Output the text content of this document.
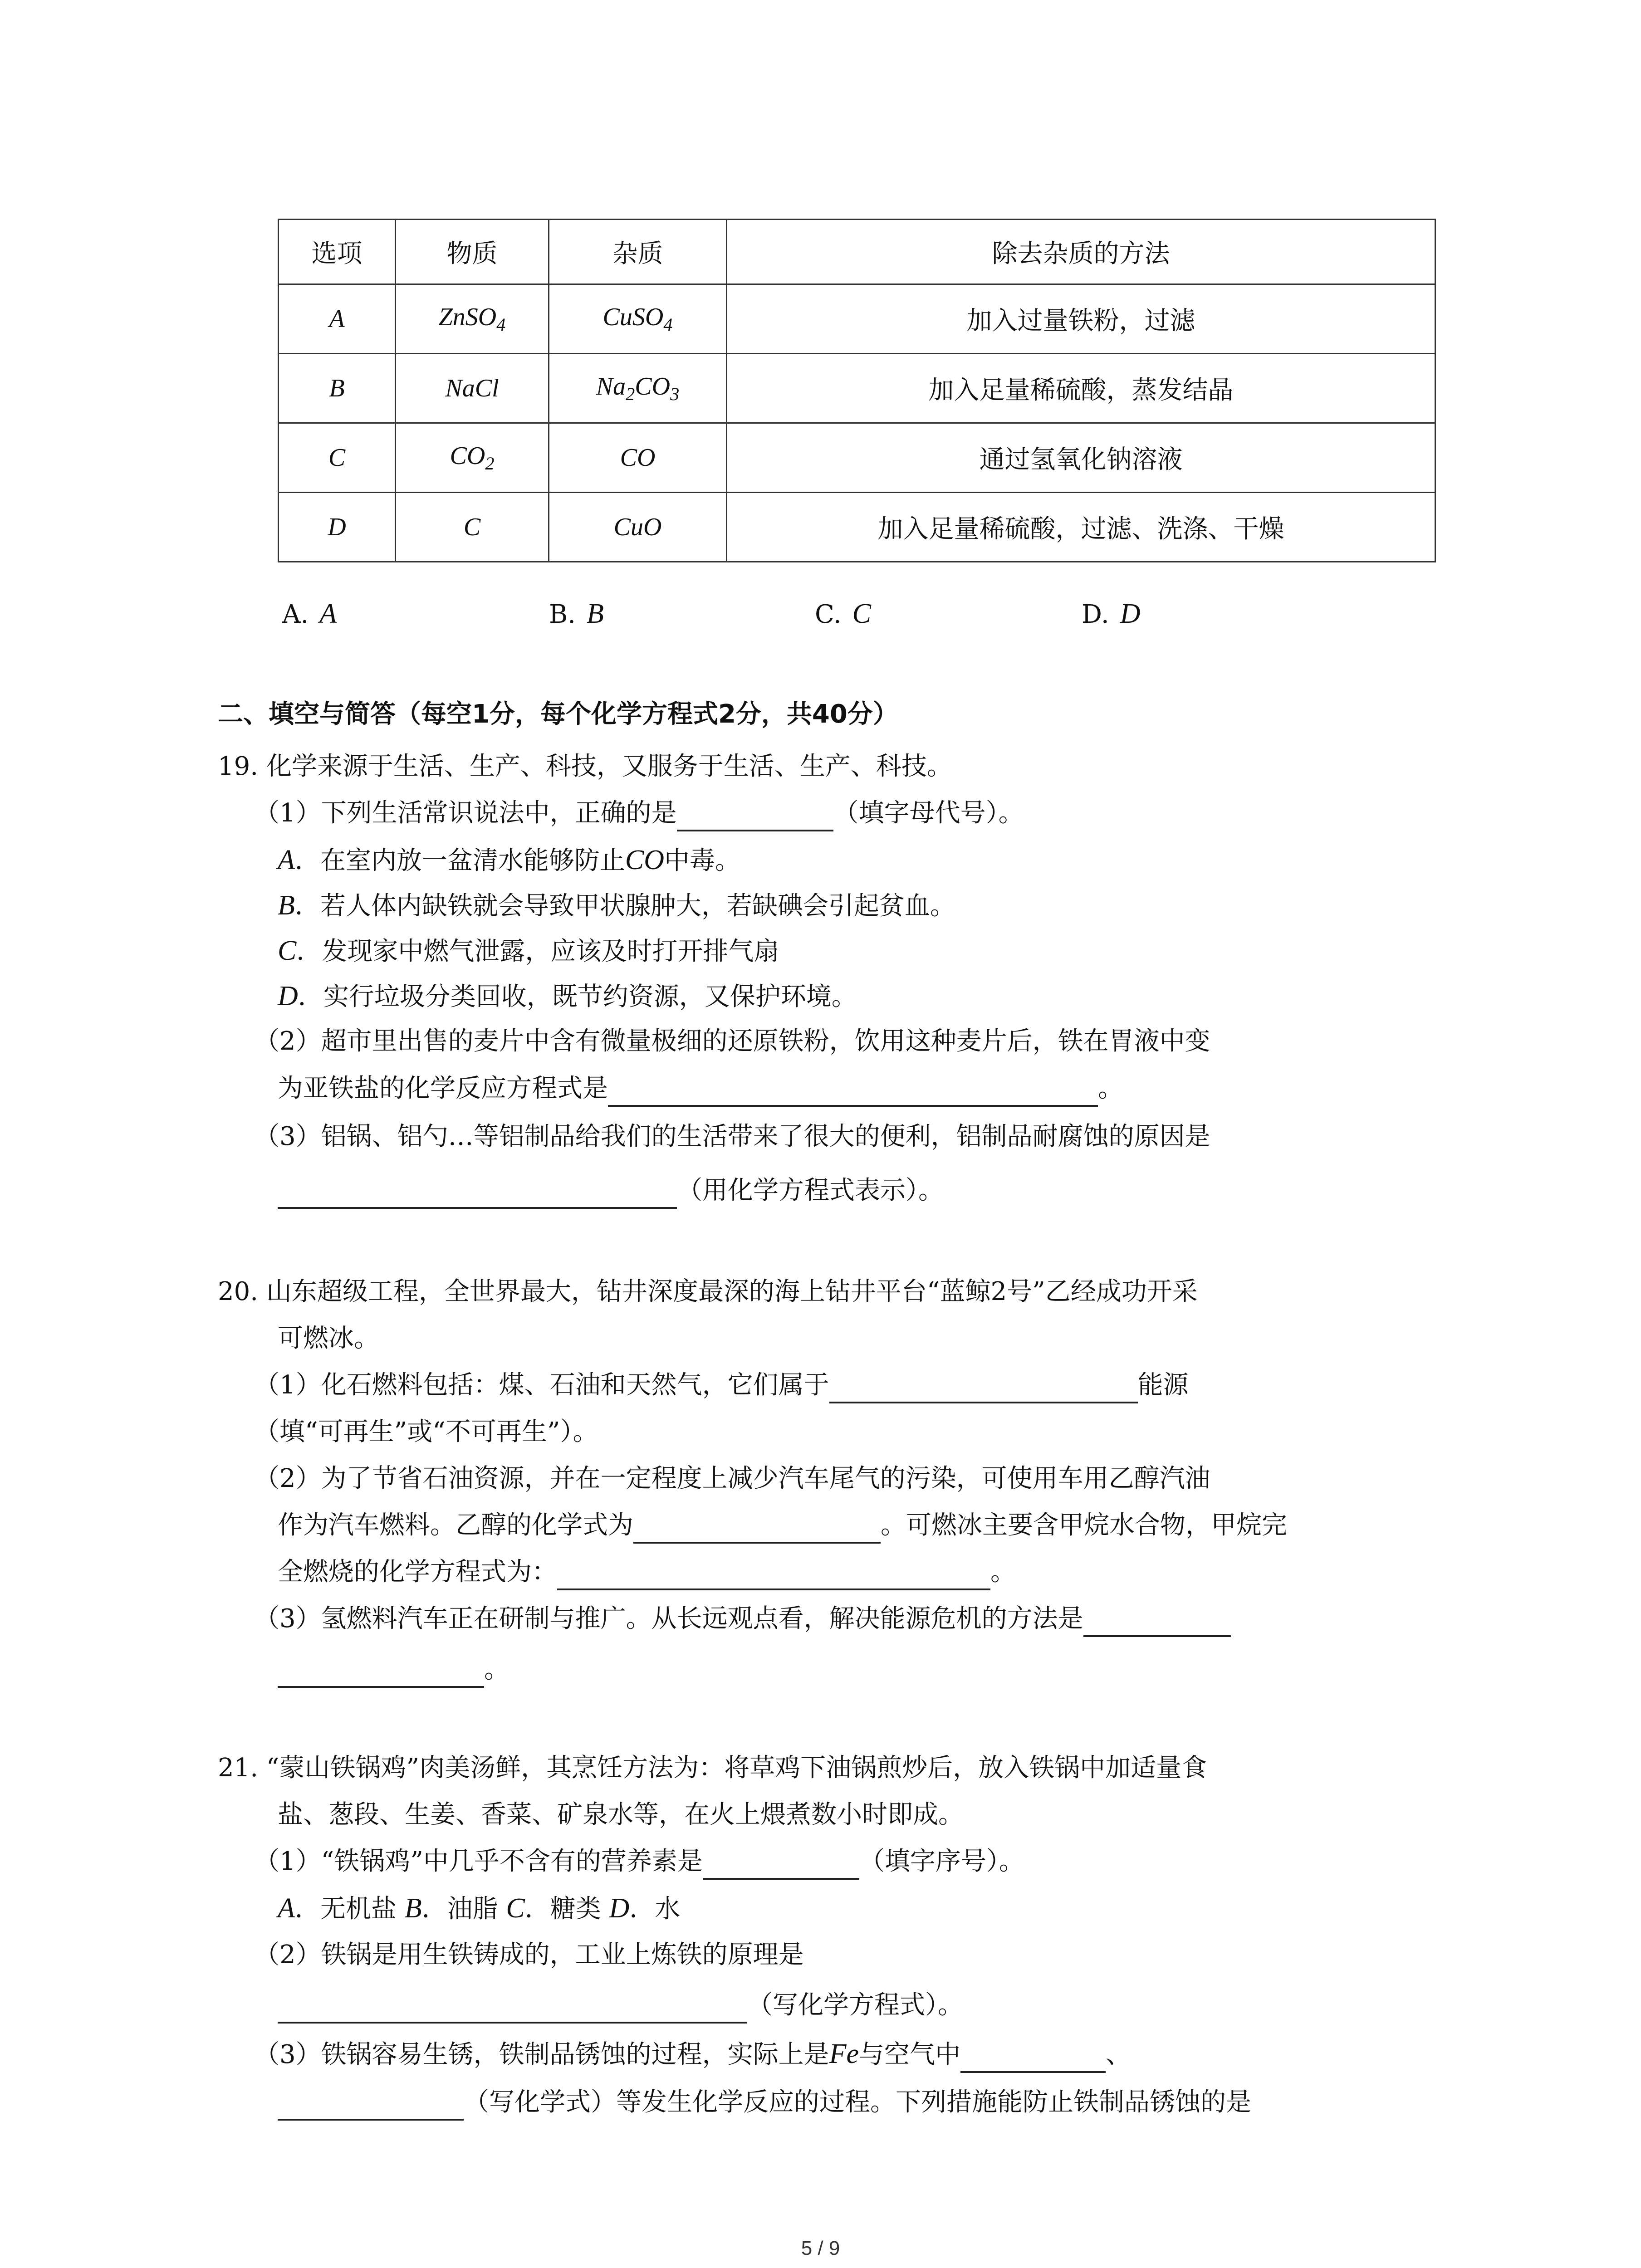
选项	物质	杂质	除去杂质的方法
A	ZnSO$_4$	CuSO$_4$	加入过量铁粉，过滤
B	NaCl	$Na_2CO_3$	加入足量稀硫酸，蒸发结晶
C	$CO_2$	CO	通过氢氧化钠溶液
D	C	CuO	加入足量稀硫酸，过滤、洗涤、干燥
A. A	B. B	C. C	D. D
二、填空与简答（每空1分，每个化学方程式2分，共40分）
19. 化学来源于生活、生产、科技，又服务于生活、生产、科技。
（1）下列生活常识说法中，正确的是	（填字母代号）。
A．在室内放一盆清水能够防止CO中毒。
B．若人体内缺铁就会导致甲状腺肿大，若缺碘会引起贫血。
C．发现家中燃气泄露，应该及时打开排气扇
D．实行垃圾分类回收，既节约资源，又保护环境。
（2）超市里出售的麦片中含有微量极细的还原铁粉，饮用这种麦片后，铁在胃液中变
为亚铁盐的化学反应方程式是	。
（3）铝锅、铝勺…等铝制品给我们的生活带来了很大的便利，铝制品耐腐蚀的原因是
（用化学方程式表示）。
20. 山东超级工程，全世界最大，钻井深度最深的海上钻井平台“蓝鲸2号”乙经成功开采
可燃冰。
（1）化石燃料包括：煤、石油和天然气，它们属于	能源
（填“可再生”或“不可再生”）。
（2）为了节省石油资源，并在一定程度上减少汽车尾气的污染，可使用车用乙醇汽油
作为汽车燃料。乙醇的化学式为	。可燃冰主要含甲烷水合物，甲烷完
全燃烧的化学方程式为：	。
（3）氢燃料汽车正在研制与推广。从长远观点看，解决能源危机的方法是
。
21. “蒙山铁锅鸡”肉美汤鲜，其烹饪方法为：将草鸡下油锅煎炒后，放入铁锅中加适量食
盐、葱段、生姜、香菜、矿泉水等，在火上煨煮数小时即成。
（1）“铁锅鸡”中几乎不含有的营养素是	（填字序号）。
A．无机盐 B．油脂 C．糖类 D．水
（2）铁锅是用生铁铸成的，工业上炼铁的原理是
（写化学方程式）。
（3）铁锅容易生锈，铁制品锈蚀的过程，实际上是Fe与空气中	、
（写化学式）等发生化学反应的过程。下列措施能防止铁制品锈蚀的是
5 / 9
